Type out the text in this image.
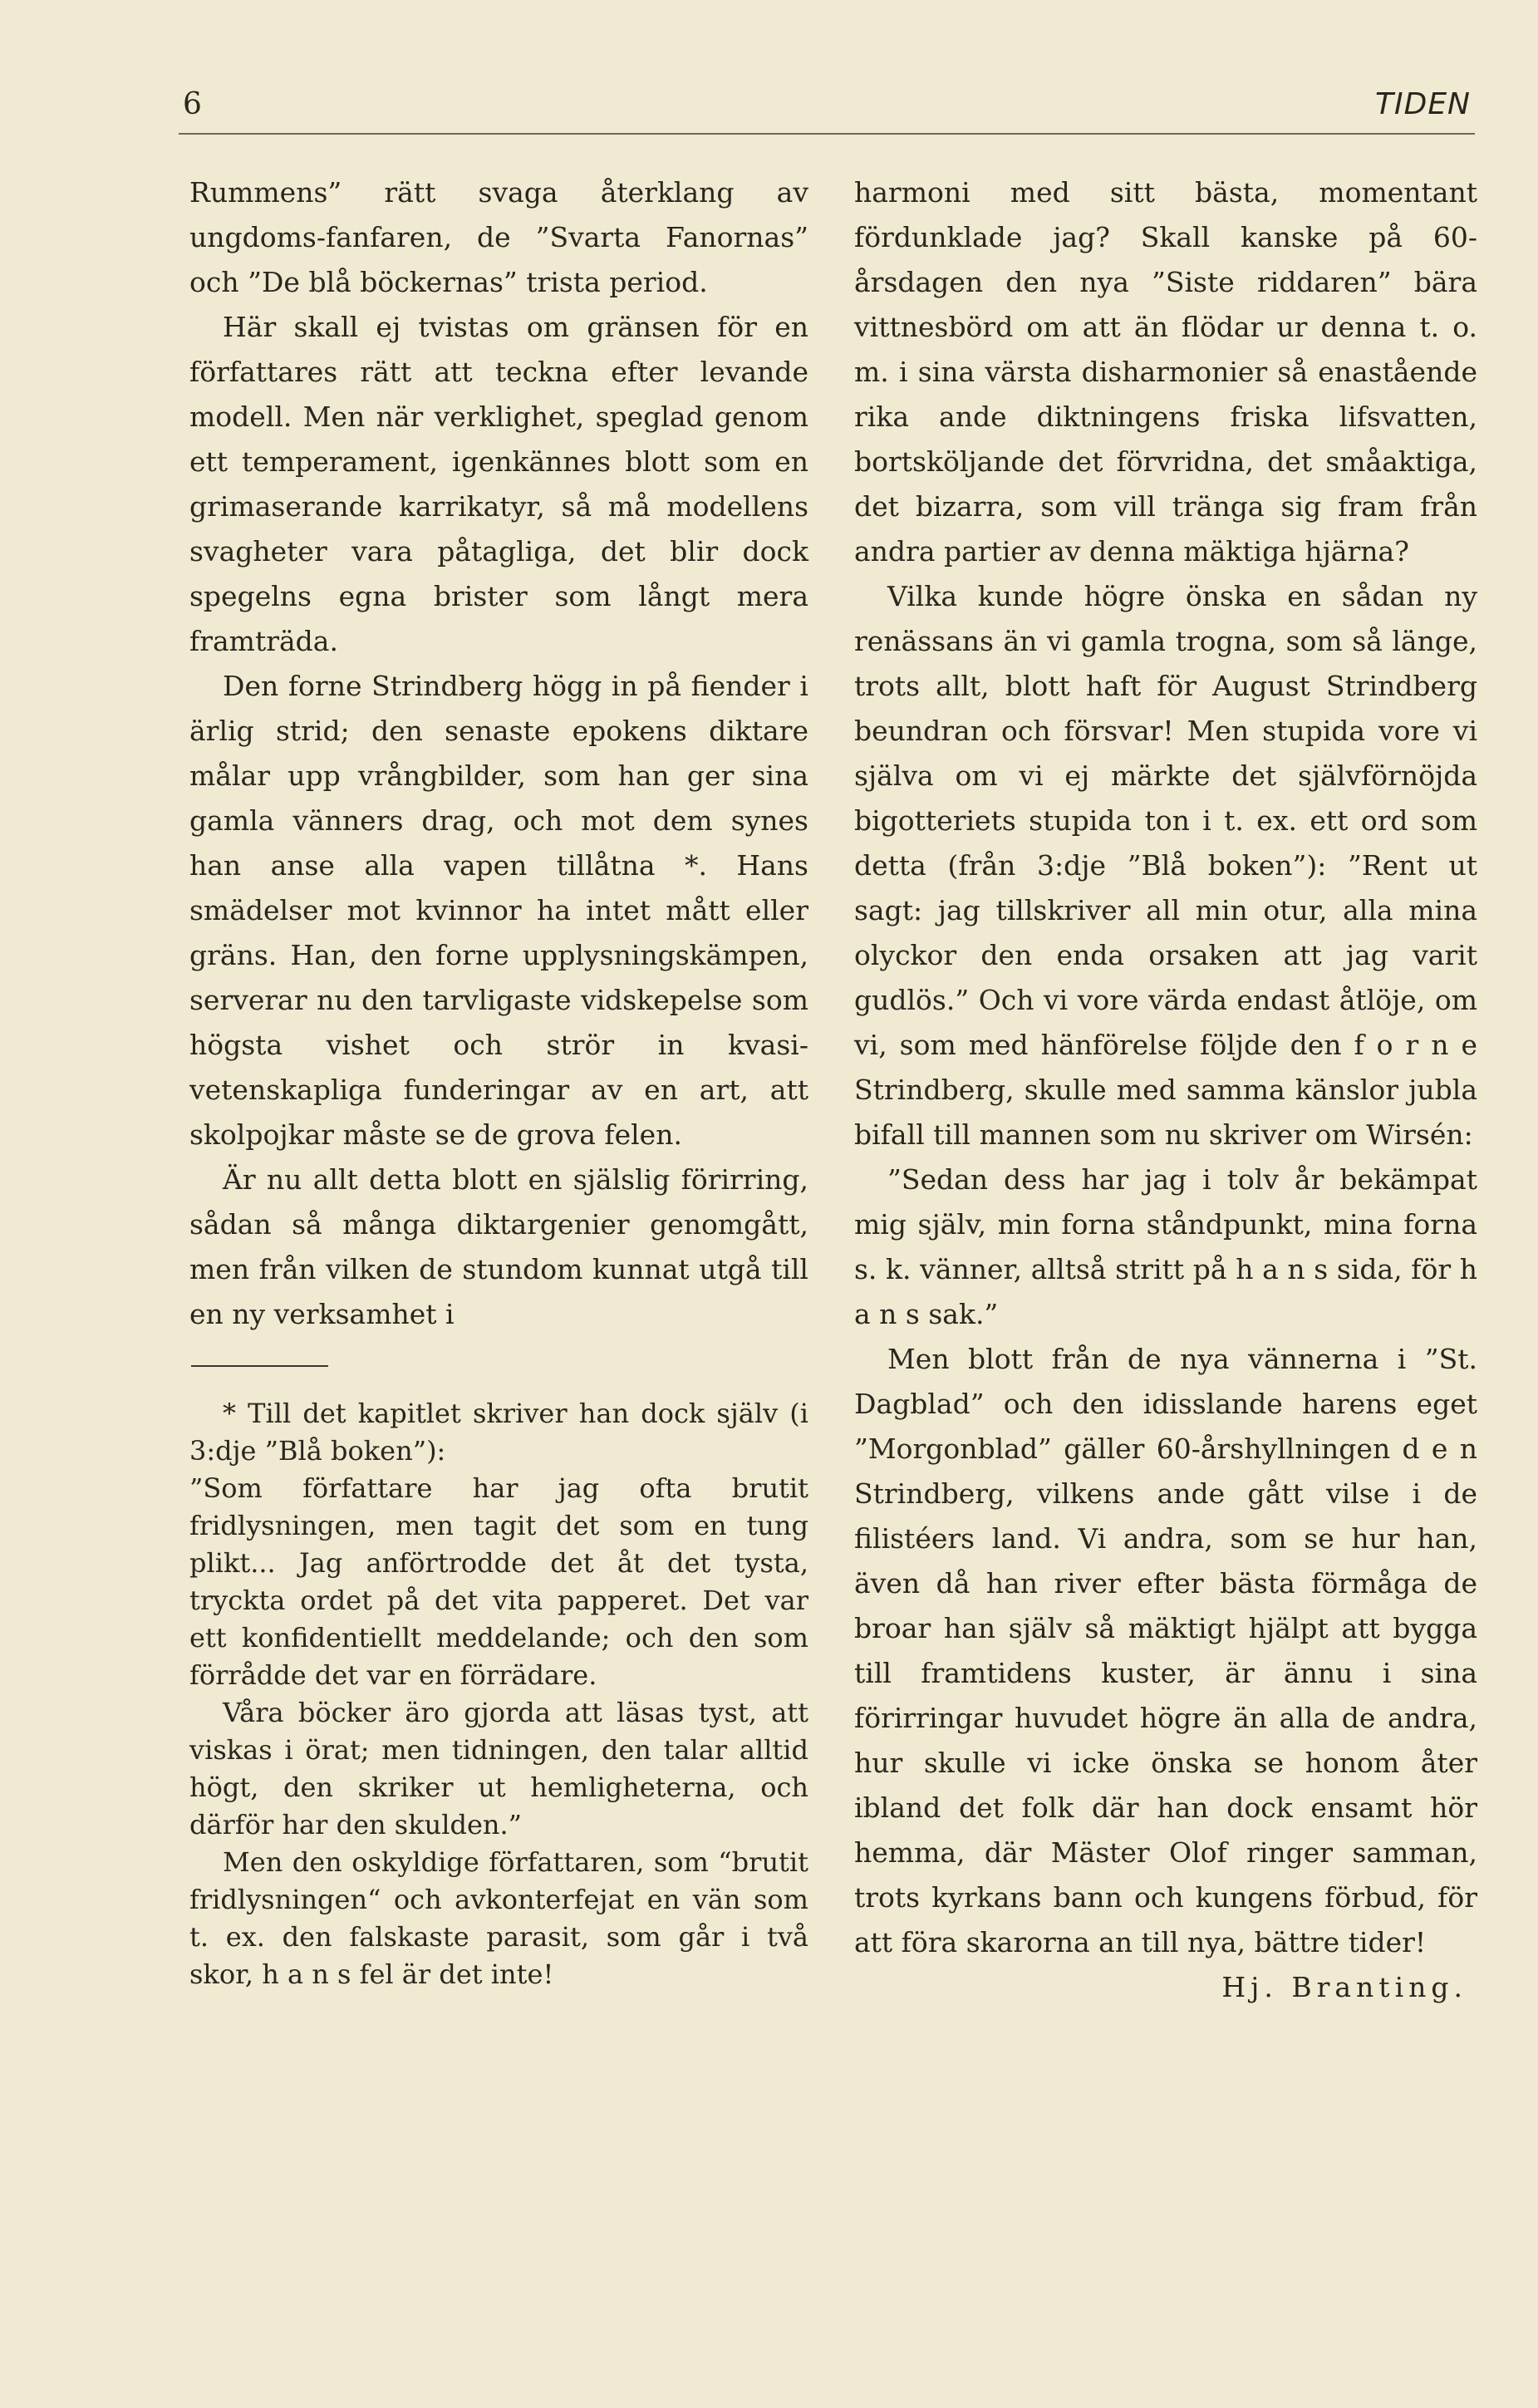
6	TIDEN

Rummens” rätt svaga återklang av ungdoms-fanfaren, de ”Svarta Fanornas” och ”De blå böckernas” trista period.

Här skall ej tvistas om gränsen för en författares rätt att teckna efter levande modell. Men när verklighet, speglad genom ett temperament, igenkännes blott som en grimaserande karrikatyr, så må modellens svagheter vara påtagliga, det blir dock spegelns egna brister som långt mera framträda.

Den forne Strindberg högg in på fiender i ärlig strid; den senaste epokens diktare målar upp vrångbilder, som han ger sina gamla vänners drag, och mot dem synes han anse alla vapen tillåtna *. Hans smädelser mot kvinnor ha intet mått eller gräns. Han, den forne upplysningskämpen, serverar nu den tarvligaste vidskepelse som högsta vishet och strör in kvasi-vetenskapliga funderingar av en art, att skolpojkar måste se de grova felen.

Är nu allt detta blott en själslig förirring, sådan så många diktargenier genomgått, men från vilken de stundom kunnat utgå till en ny verksamhet i

* Till det kapitlet skriver han dock själv (i 3:dje ”Blå boken”):

”Som författare har jag ofta brutit fridlysningen, men tagit det som en tung plikt... Jag anförtrodde det åt det tysta, tryckta ordet på det vita papperet. Det var ett konfidentiellt meddelande; och den som förrådde det var en förrädare.

Våra böcker äro gjorda att läsas tyst, att viskas i örat; men tidningen, den talar alltid högt, den skriker ut hemligheterna, och därför har den skulden.”

Men den oskyldige författaren, som “brutit fridlysningen“ och avkonterfejat en vän som t. ex. den falskaste parasit, som går i två skor, h a n s fel är det inte!

harmoni med sitt bästa, momentant fördunklade jag? Skall kanske på 60-årsdagen den nya ”Siste riddaren” bära vittnesbörd om att än flödar ur denna t. o. m. i sina värsta disharmonier så enastående rika ande diktningens friska lifsvatten, bortsköljande det förvridna, det småaktiga, det bizarra, som vill tränga sig fram från andra partier av denna mäktiga hjärna?

Vilka kunde högre önska en sådan ny renässans än vi gamla trogna, som så länge, trots allt, blott haft för August Strindberg beundran och försvar! Men stupida vore vi själva om vi ej märkte det självförnöjda bigotteriets stupida ton i t. ex. ett ord som detta (från 3:dje ”Blå boken”): ”Rent ut sagt: jag tillskriver all min otur, alla mina olyckor den enda orsaken att jag varit gudlös.” Och vi vore värda endast åtlöje, om vi, som med hänförelse följde den f o r n e Strindberg, skulle med samma känslor jubla bifall till mannen som nu skriver om Wirsén:

”Sedan dess har jag i tolv år bekämpat mig själv, min forna ståndpunkt, mina forna s. k. vänner, alltså stritt på h a n s sida, för h a n s sak.”

Men blott från de nya vännerna i ”St. Dagblad” och den idisslande harens eget ”Morgonblad” gäller 60-årshyllningen d e n Strindberg, vilkens ande gått vilse i de filistéers land. Vi andra, som se hur han, även då han river efter bästa förmåga de broar han själv så mäktigt hjälpt att bygga till framtidens kuster, är ännu i sina förirringar huvudet högre än alla de andra, hur skulle vi icke önska se honom åter ibland det folk där han dock ensamt hör hemma, där Mäster Olof ringer samman, trots kyrkans bann och kungens förbud, för att föra skarorna an till nya, bättre tider!

Hj. Branting.
